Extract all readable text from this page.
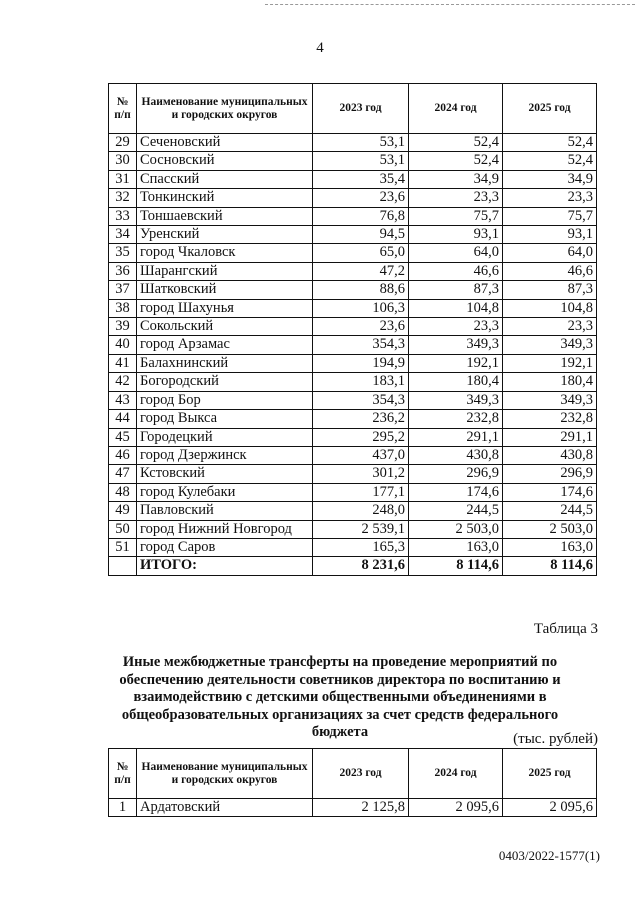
4
№ п/п	Наименование муниципальных и городских округов	2023 год	2024 год	2025 год
29	Сеченовский	53,1	52,4	52,4
30	Сосновский	53,1	52,4	52,4
31	Спасский	35,4	34,9	34,9
32	Тонкинский	23,6	23,3	23,3
33	Тоншаевский	76,8	75,7	75,7
34	Уренский	94,5	93,1	93,1
35	город Чкаловск	65,0	64,0	64,0
36	Шарангский	47,2	46,6	46,6
37	Шатковский	88,6	87,3	87,3
38	город Шахунья	106,3	104,8	104,8
39	Сокольский	23,6	23,3	23,3
40	город Арзамас	354,3	349,3	349,3
41	Балахнинский	194,9	192,1	192,1
42	Богородский	183,1	180,4	180,4
43	город Бор	354,3	349,3	349,3
44	город Выкса	236,2	232,8	232,8
45	Городецкий	295,2	291,1	291,1
46	город Дзержинск	437,0	430,8	430,8
47	Кстовский	301,2	296,9	296,9
48	город Кулебаки	177,1	174,6	174,6
49	Павловский	248,0	244,5	244,5
50	город Нижний Новгород	2 539,1	2 503,0	2 503,0
51	город Саров	165,3	163,0	163,0
	ИТОГО:	8 231,6	8 114,6	8 114,6
Таблица 3
Иные межбюджетные трансферты на проведение мероприятий по обеспечению деятельности советников директора по воспитанию и взаимодействию с детскими общественными объединениями в общеобразовательных организациях за счет средств федерального бюджета	(тыс. рублей)
№ п/п	Наименование муниципальных и городских округов	2023 год	2024 год	2025 год
1	Ардатовский	2 125,8	2 095,6	2 095,6
0403/2022-1577(1)
